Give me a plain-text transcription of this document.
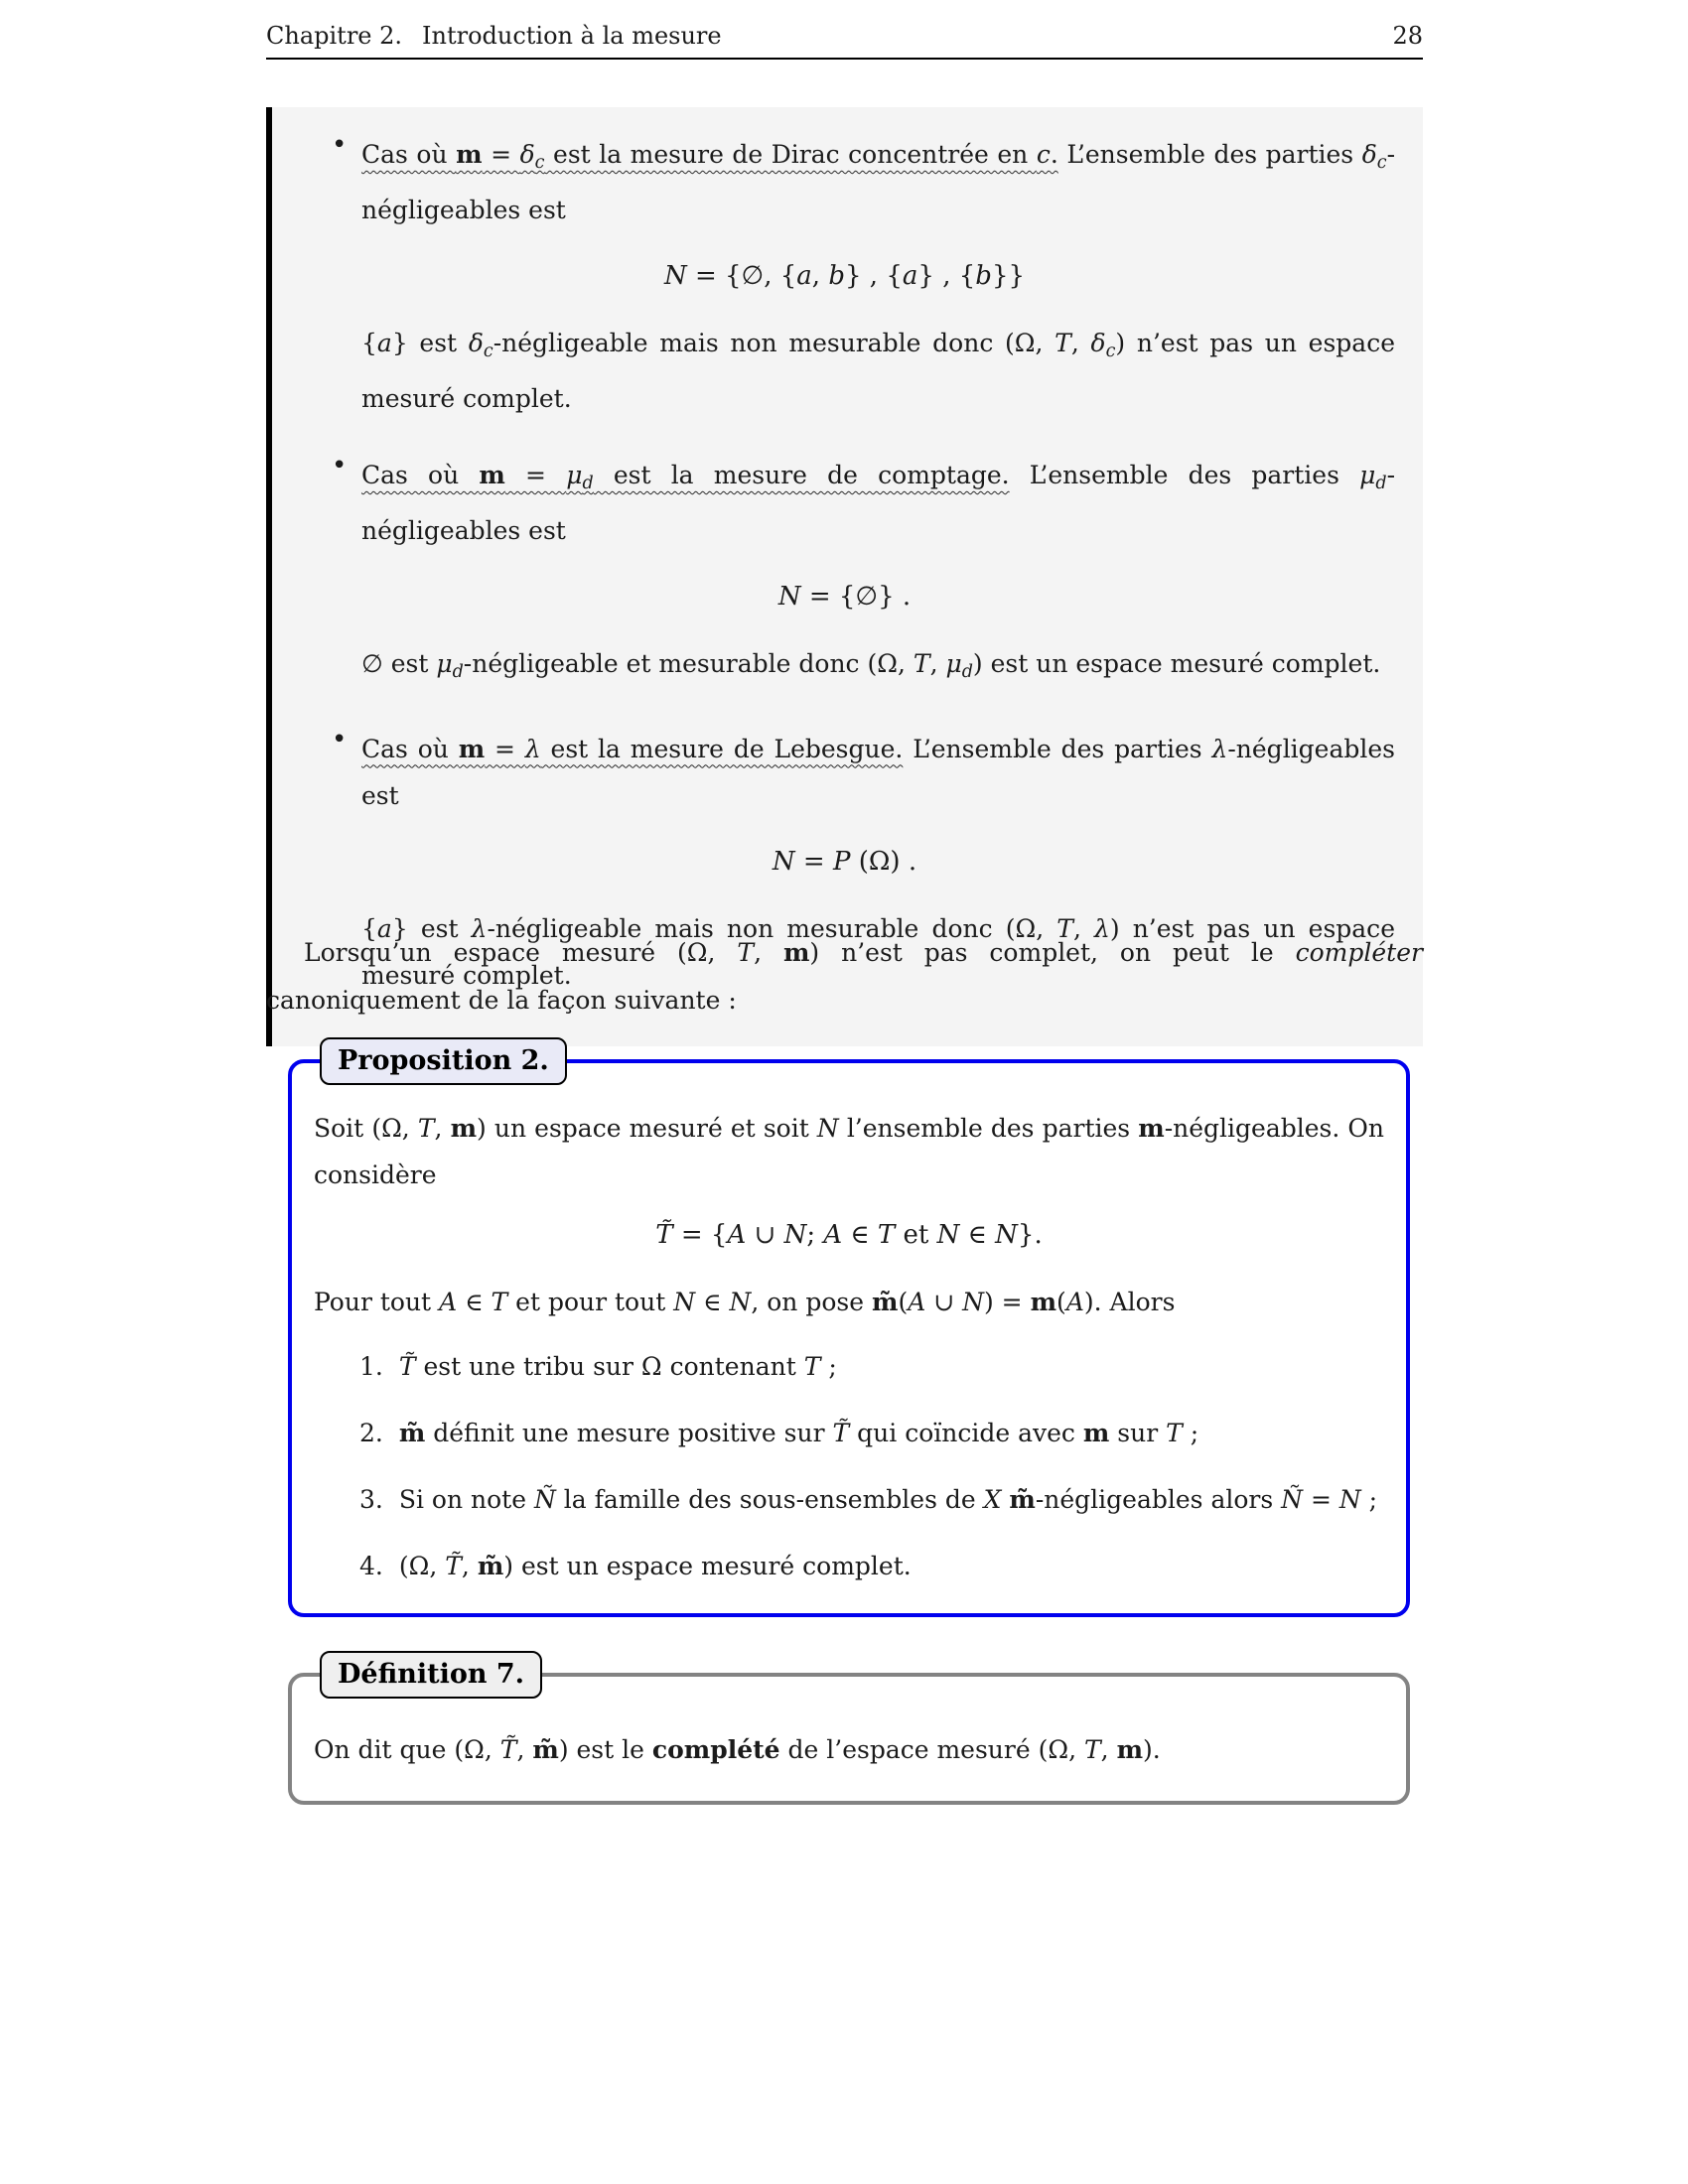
Chapitre 2. Introduction à la mesure	28
• Cas où m = δc est la mesure de Dirac concentrée en c. L’ensemble des parties δc-négligeables est
N = {∅, {a, b} , {a} , {b}}
{a} est δc-négligeable mais non mesurable donc (Ω, T, δc) n’est pas un espace mesuré complet.
• Cas où m = μd est la mesure de comptage. L’ensemble des parties μd-négligeables est
N = {∅} .
∅ est μd-négligeable et mesurable donc (Ω, T, μd) est un espace mesuré complet.
• Cas où m = λ est la mesure de Lebesgue. L’ensemble des parties λ-négligeables est
N = P (Ω) .
{a} est λ-négligeable mais non mesurable donc (Ω, T, λ) n’est pas un espace mesuré complet.
Lorsqu’un espace mesuré (Ω, T, m) n’est pas complet, on peut le compléter canoniquement de la façon suivante :
Proposition 2.
Soit (Ω, T, m) un espace mesuré et soit N l’ensemble des parties m-négligeables. On considère
T̃ = {A ∪ N; A ∈ T et N ∈ N}.
Pour tout A ∈ T et pour tout N ∈ N, on pose m̃(A ∪ N) = m(A). Alors
1. T̃ est une tribu sur Ω contenant T ;
2. m̃ définit une mesure positive sur T̃ qui coïncide avec m sur T ;
3. Si on note Ñ la famille des sous-ensembles de X m̃-négligeables alors Ñ = N ;
4. (Ω, T̃, m̃) est un espace mesuré complet.
Définition 7.
On dit que (Ω, T̃, m̃) est le complété de l’espace mesuré (Ω, T, m).
